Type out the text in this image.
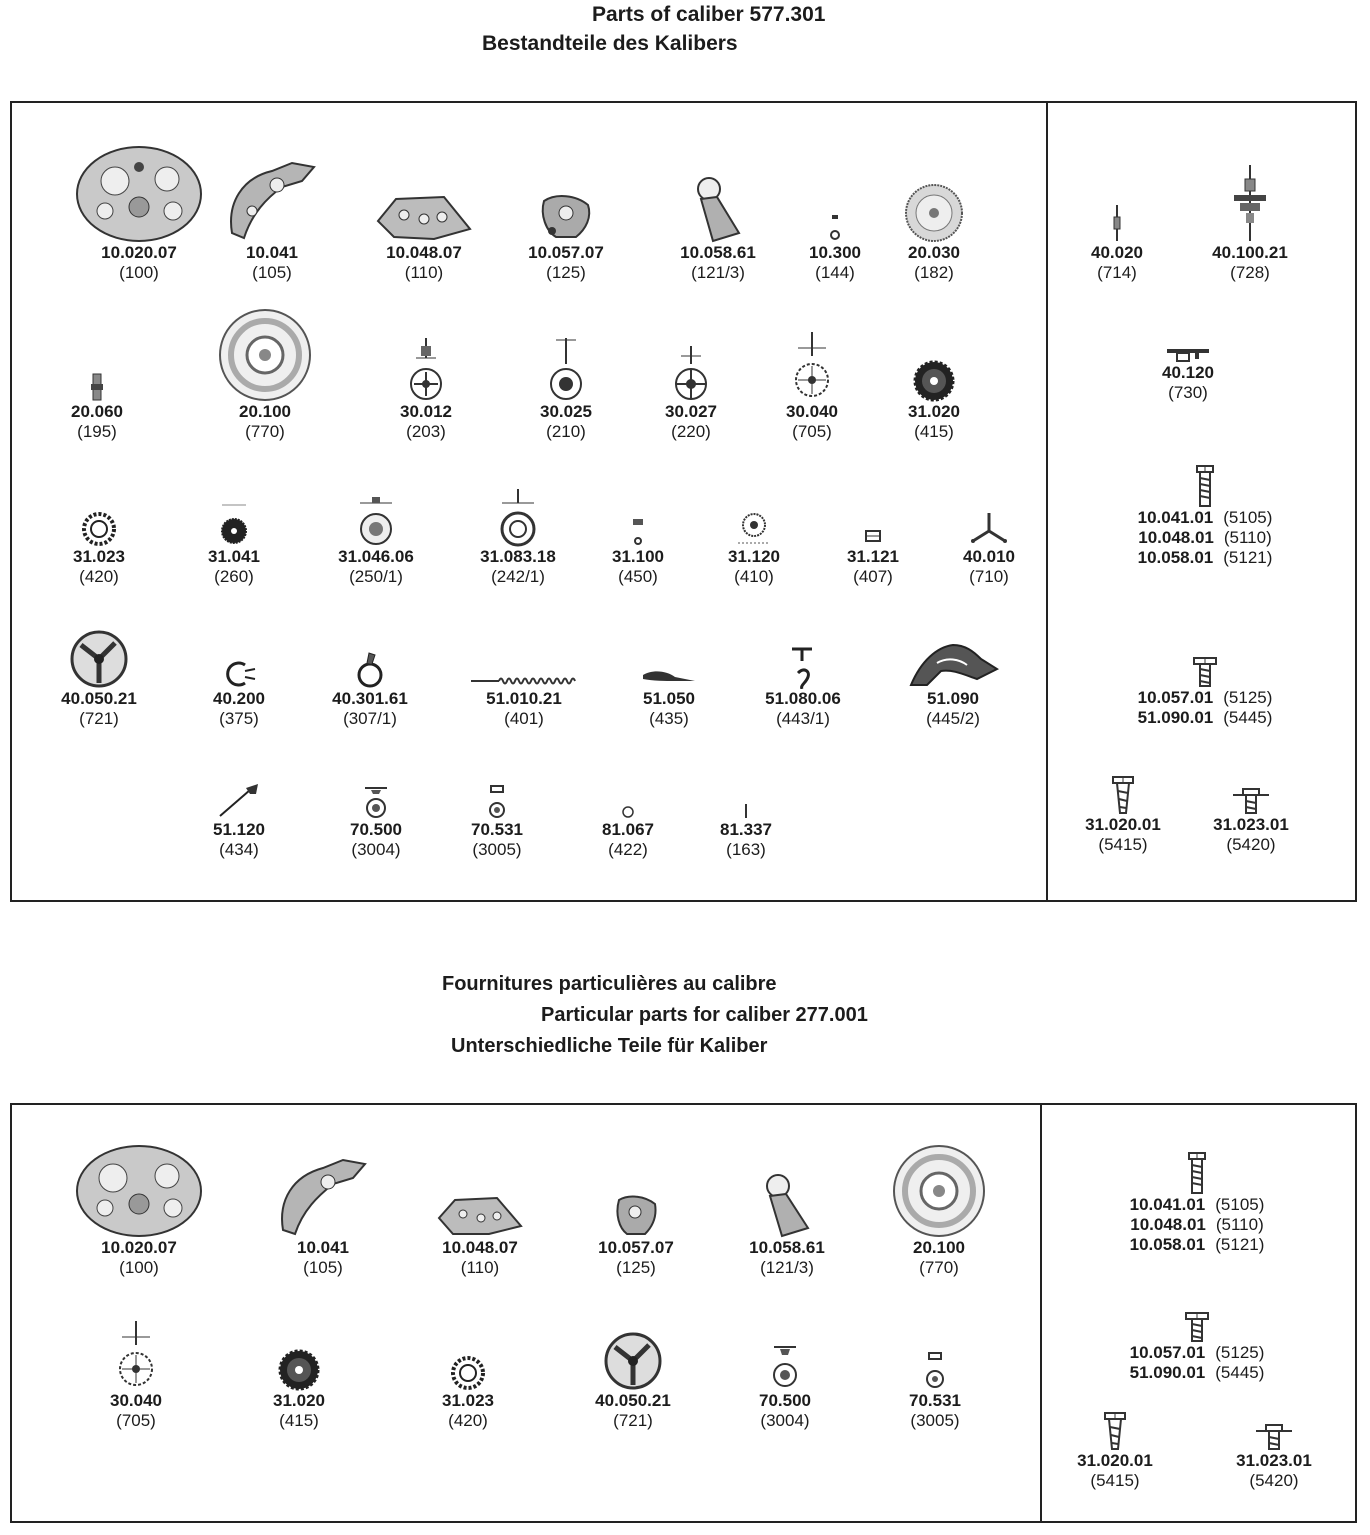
Parts of caliber 577.301
Bestandteile des Kalibers
10.020.07
(100)
10.041
(105)
10.048.07
(110)
10.057.07
(125)
10.058.61
(121/3)
10.300
(144)
20.030
(182)
20.060
(195)
20.100
(770)
30.012
(203)
30.025
(210)
30.027
(220)
30.040
(705)
31.020
(415)
31.023
(420)
31.041
(260)
31.046.06
(250/1)
31.083.18
(242/1)
31.100
(450)
31.120
(410)
31.121
(407)
40.010
(710)
40.050.21
(721)
40.200
(375)
40.301.61
(307/1)
51.010.21
(401)
51.050
(435)
51.080.06
(443/1)
51.090
(445/2)
51.120
(434)
70.500
(3004)
70.531
(3005)
81.067
(422)
81.337
(163)
40.020
(714)
40.100.21
(728)
40.120
(730)
10.041.01 (5105)
10.048.01 (5110)
10.058.01 (5121)
10.057.01 (5125)
51.090.01 (5445)
31.020.01
(5415)
31.023.01
(5420)
Fournitures particulières au calibre
Particular parts for caliber 277.001
Unterschiedliche Teile für Kaliber
10.020.07
(100)
10.041
(105)
10.048.07
(110)
10.057.07
(125)
10.058.61
(121/3)
20.100
(770)
30.040
(705)
31.020
(415)
31.023
(420)
40.050.21
(721)
70.500
(3004)
70.531
(3005)
10.041.01 (5105)
10.048.01 (5110)
10.058.01 (5121)
10.057.01 (5125)
51.090.01 (5445)
31.020.01
(5415)
31.023.01
(5420)
